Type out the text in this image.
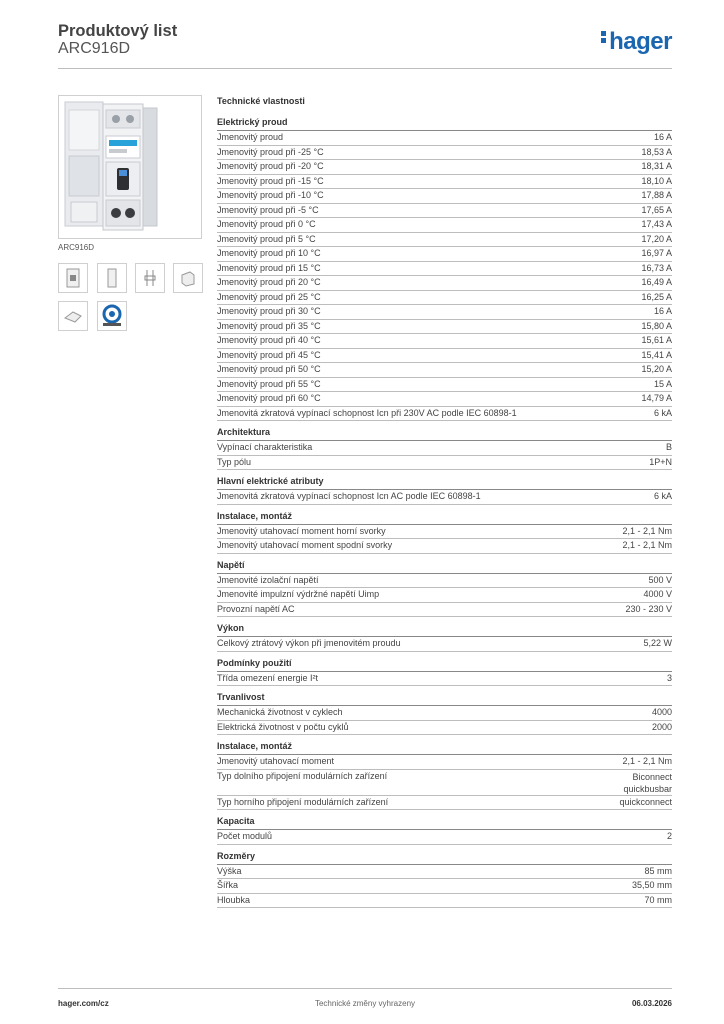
Produktový list
ARC916D	hager
ARC916D
Technické vlastnosti
Elektrický proud
Jmenovitý proud	16 A
Jmenovitý proud při -25 °C	18,53 A
Jmenovitý proud při -20 °C	18,31 A
Jmenovitý proud při -15 °C	18,10 A
Jmenovitý proud při -10 °C	17,88 A
Jmenovitý proud při -5 °C	17,65 A
Jmenovitý proud při 0 °C	17,43 A
Jmenovitý proud při 5 °C	17,20 A
Jmenovitý proud při 10 °C	16,97 A
Jmenovitý proud při 15 °C	16,73 A
Jmenovitý proud při 20 °C	16,49 A
Jmenovitý proud při 25 °C	16,25 A
Jmenovitý proud při 30 °C	16 A
Jmenovitý proud při 35 °C	15,80 A
Jmenovitý proud při 40 °C	15,61 A
Jmenovitý proud při 45 °C	15,41 A
Jmenovitý proud při 50 °C	15,20 A
Jmenovitý proud při 55 °C	15 A
Jmenovitý proud při 60 °C	14,79 A
Jmenovitá zkratová vypínací schopnost Icn při 230V AC podle IEC 60898-1	6 kA
Architektura
Vypínací charakteristika	B
Typ pólu	1P+N
Hlavní elektrické atributy
Jmenovitá zkratová vypínací schopnost Icn AC podle IEC 60898-1	6 kA
Instalace, montáž
Jmenovitý utahovací moment horní svorky	2,1 - 2,1 Nm
Jmenovitý utahovací moment spodní svorky	2,1 - 2,1 Nm
Napětí
Jmenovité izolační napětí	500 V
Jmenovité impulzní výdržné napětí Uimp	4000 V
Provozní napětí AC	230 - 230 V
Výkon
Celkový ztrátový výkon při jmenovitém proudu	5,22 W
Podmínky použití
Třída omezení energie I²t	3
Trvanlivost
Mechanická životnost v cyklech	4000
Elektrická životnost v počtu cyklů	2000
Instalace, montáž
Jmenovitý utahovací moment	2,1 - 2,1 Nm
Typ dolního připojení modulárních zařízení	Biconnect quickbusbar
Typ horního připojení modulárních zařízení	quickconnect
Kapacita
Počet modulů	2
Rozměry
Výška	85 mm
Šířka	35,50 mm
Hloubka	70 mm
hager.com/cz	Technické změny vyhrazeny	06.03.2026
